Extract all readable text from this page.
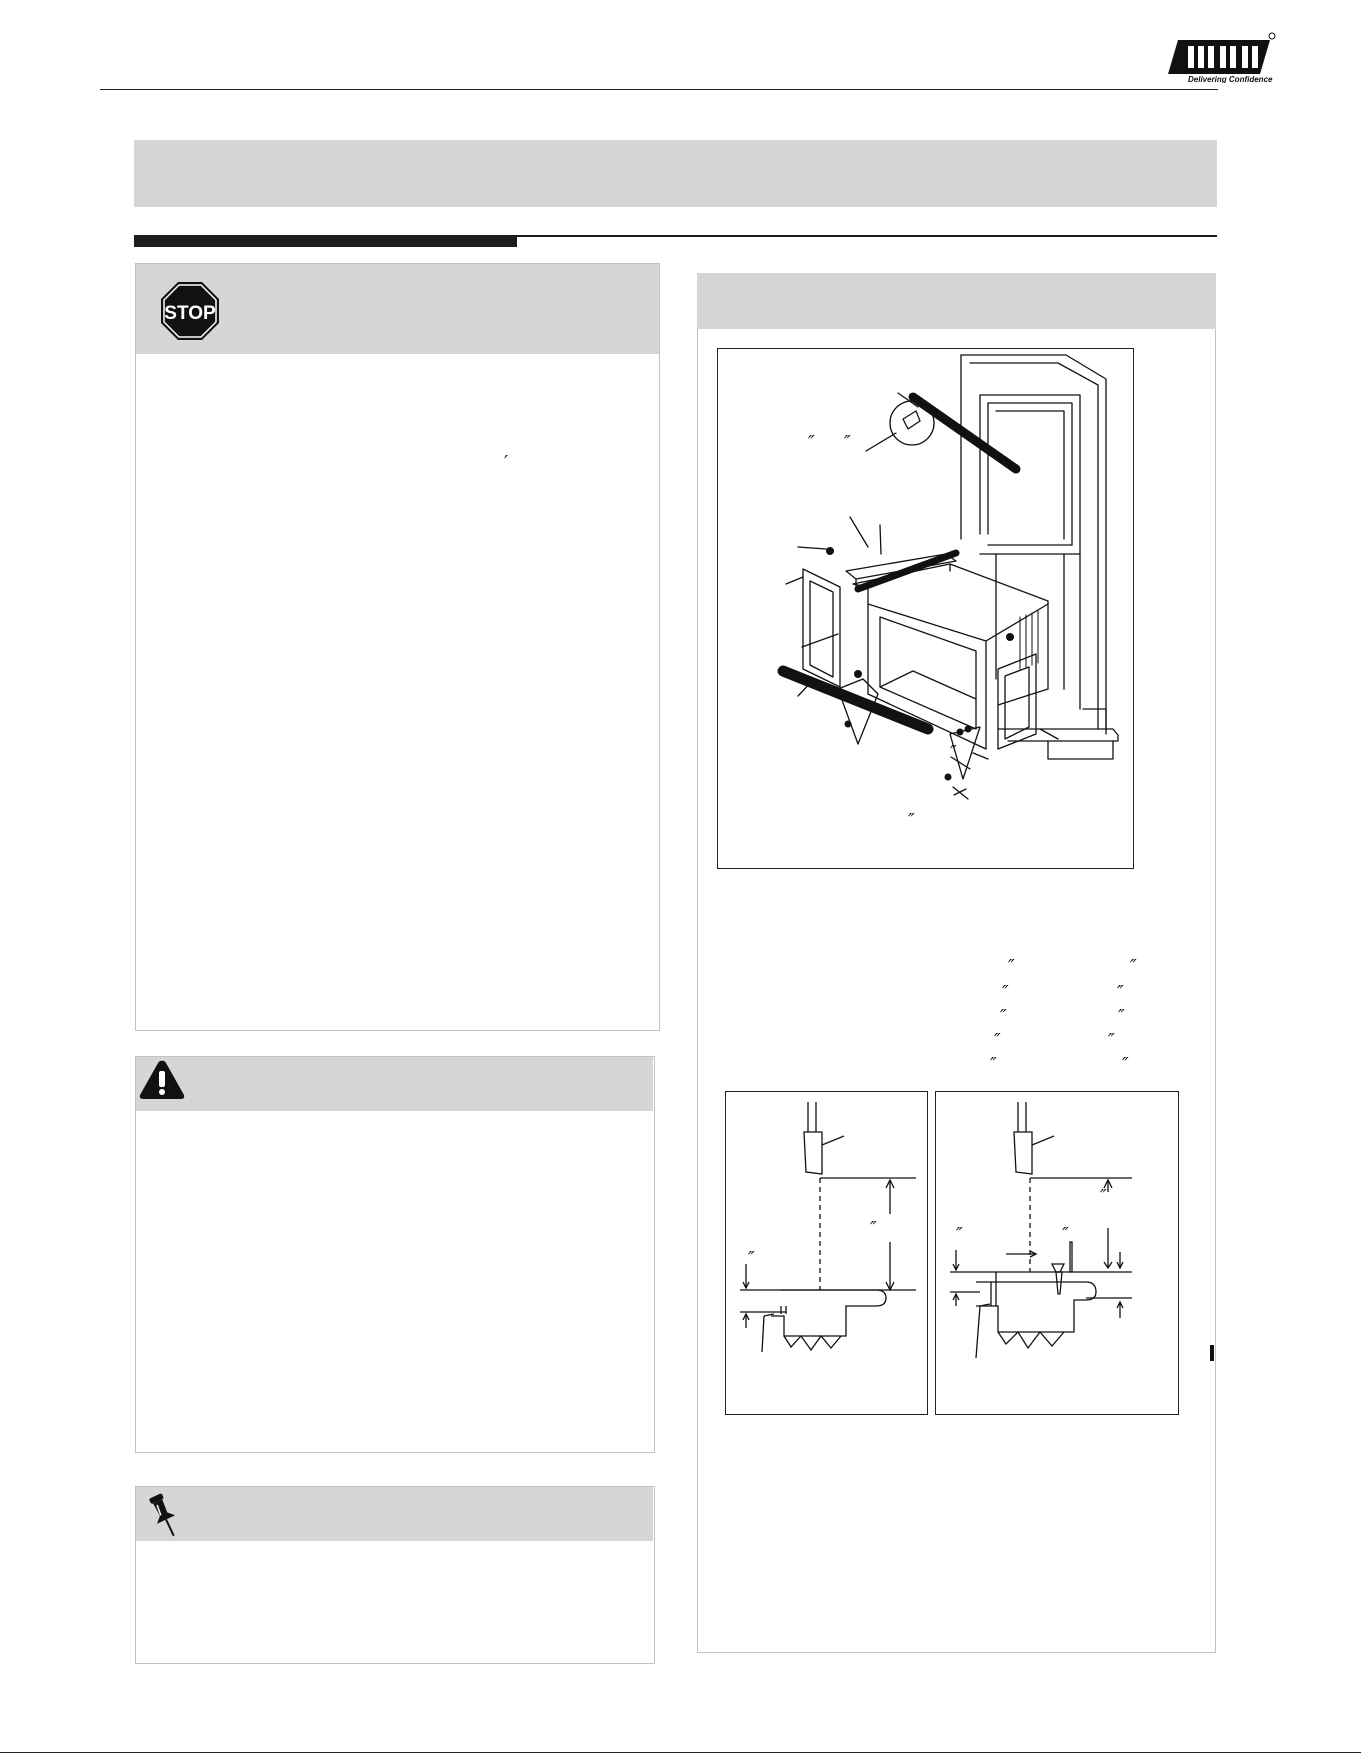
Delivering Confidence
STOP
′
″ ″
″
″
″	″
″	″
″	″
″	″
″	″
″
″
″
″
″
